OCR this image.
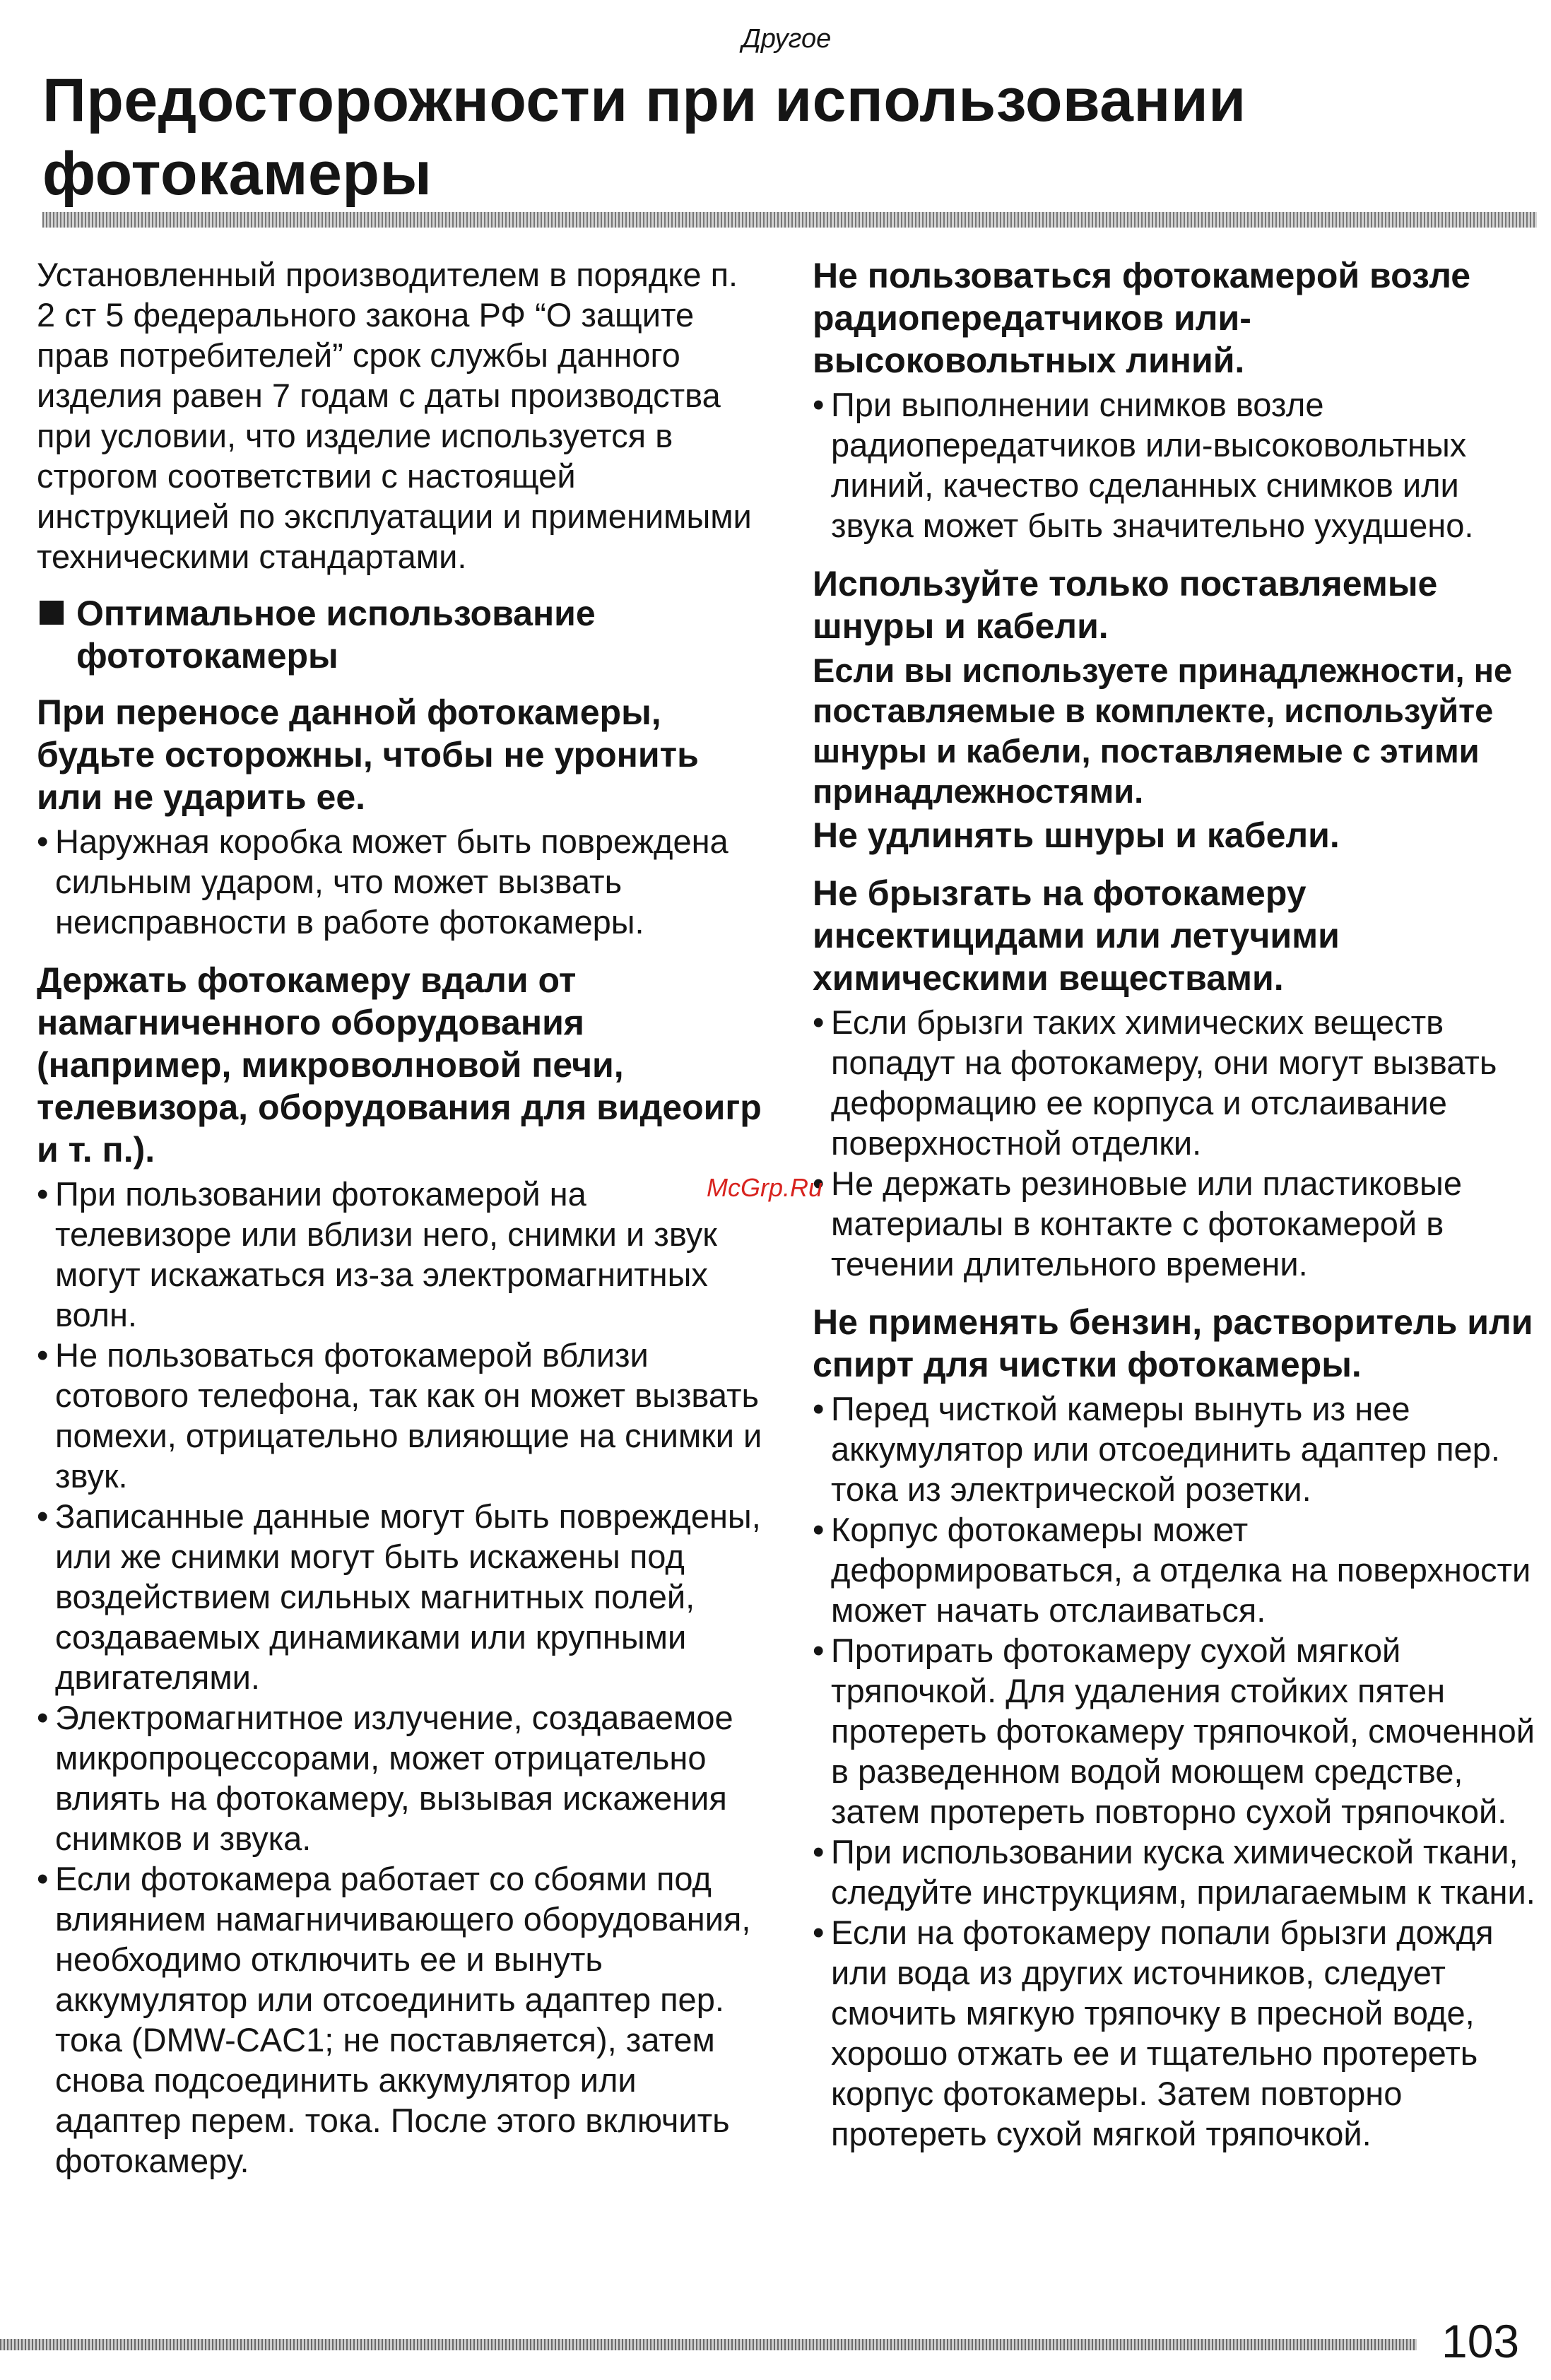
Другое
Предосторожности при использовании фотокамеры

Установленный производителем в порядке п. 2 ст 5 федерального закона РФ “О защите прав потребителей” срок службы данного изделия равен 7 годам с даты производства при условии, что изделие используется в строгом соответствии с настоящей инструкцией по эксплуатации и применимыми техническими стандартами.

Оптимальное использование фототокамеры
При переносе данной фотокамеры, будьте осторожны, чтобы не уронить или не ударить ее.
• Наружная коробка может быть повреждена сильным ударом, что может вызвать неисправности в работе фотокамеры.
Держать фотокамеру вдали от намагниченного оборудования (например, микроволновой печи, телевизора, оборудования для видеоигр и т. п.).
• При пользовании фотокамерой на телевизоре или вблизи него, снимки и звук могут искажаться из-за электромагнитных волн.
• Не пользоваться фотокамерой вблизи сотового телефона, так как он может вызвать помехи, отрицательно влияющие на снимки и звук.
• Записанные данные могут быть повреждены, или же снимки могут быть искажены под воздействием сильных магнитных полей, создаваемых динамиками или крупными двигателями.
• Электромагнитное излучение, создаваемое микропроцессорами, может отрицательно влиять на фотокамеру, вызывая искажения снимков и звука.
• Если фотокамера работает со сбоями под влиянием намагничивающего оборудования, необходимо отключить ее и вынуть аккумулятор или отсоединить адаптер пер. тока (DMW-CAC1; не поставляется), затем снова подсоединить аккумулятор или адаптер перем. тока. После этого включить фотокамеру.
Не пользоваться фотокамерой возле радиопередатчиков или-высоковольтных линий.
• При выполнении снимков возле радиопередатчиков или-высоковольтных линий, качество сделанных снимков или звука может быть значительно ухудшено.
Используйте только поставляемые шнуры и кабели.
Если вы используете принадлежности, не поставляемые в комплекте, используйте шнуры и кабели, поставляемые с этими принадлежностями.
Не удлинять шнуры и кабели.
Не брызгать на фотокамеру инсектицидами или летучими химическими веществами.
• Если брызги таких химических веществ попадут на фотокамеру, они могут вызвать деформацию ее корпуса и отслаивание поверхностной отделки.
• Не держать резиновые или пластиковые материалы в контакте с фотокамерой в течении длительного времени.
Не применять бензин, растворитель или спирт для чистки фотокамеры.
• Перед чисткой камеры вынуть из нее аккумулятор или отсоединить адаптер пер. тока из электрической розетки.
• Корпус фотокамеры может деформироваться, а отделка на поверхности может начать отслаиваться.
• Протирать фотокамеру сухой мягкой тряпочкой. Для удаления стойких пятен протереть фотокамеру тряпочкой, смоченной в разведенном водой моющем средстве, затем протереть повторно сухой тряпочкой.
• При использовании куска химической ткани, следуйте инструкциям, прилагаемым к ткани.
• Если на фотокамеру попали брызги дождя или вода из других источников, следует смочить мягкую тряпочку в пресной воде, хорошо отжать ее и тщательно протереть корпус фотокамеры. Затем повторно протереть сухой мягкой тряпочкой.
McGrp.Ru
103
